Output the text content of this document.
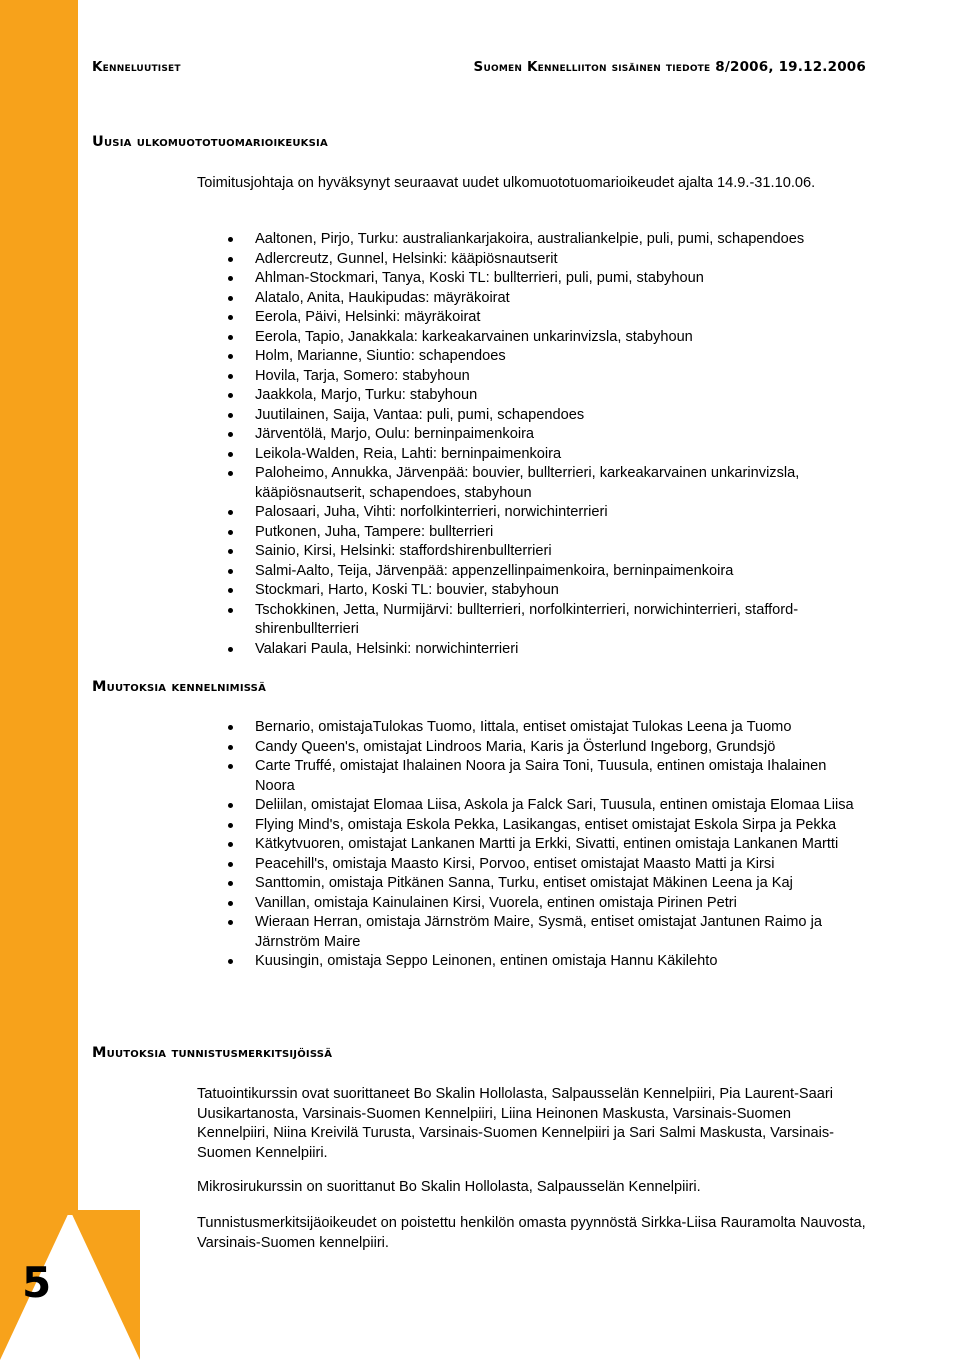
5
Kenneluutiset	Suomen Kennelliiton sisäinen tiedote 8/2006, 19.12.2006
Uusia ulkomuototuomarioikeuksia
Toimitusjohtaja on hyväksynyt seuraavat uudet ulkomuototuomarioikeudet ajalta 14.9.-31.10.06.
Aaltonen, Pirjo, Turku: australiankarjakoira, australiankelpie, puli, pumi, schapendoes
Adlercreutz, Gunnel, Helsinki: kääpiösnautserit
Ahlman-Stockmari, Tanya, Koski TL: bullterrieri, puli, pumi, stabyhoun
Alatalo, Anita, Haukipudas: mäyräkoirat
Eerola, Päivi, Helsinki: mäyräkoirat
Eerola, Tapio, Janakkala: karkeakarvainen unkarinvizsla, stabyhoun
Holm, Marianne, Siuntio: schapendoes
Hovila, Tarja, Somero: stabyhoun
Jaakkola, Marjo, Turku: stabyhoun
Juutilainen, Saija, Vantaa: puli, pumi, schapendoes
Järventölä, Marjo, Oulu: berninpaimenkoira
Leikola-Walden, Reia, Lahti: berninpaimenkoira
Paloheimo, Annukka, Järvenpää: bouvier, bullterrieri, karkeakarvainen unkarinvizsla, kääpiösnautserit, schapendoes, stabyhoun
Palosaari, Juha, Vihti: norfolkinterrieri, norwichinterrieri
Putkonen, Juha, Tampere: bullterrieri
Sainio, Kirsi, Helsinki: staffordshirenbullterrieri
Salmi-Aalto, Teija, Järvenpää: appenzellinpaimenkoira, berninpaimenkoira
Stockmari, Harto, Koski TL: bouvier, stabyhoun
Tschokkinen, Jetta, Nurmijärvi: bullterrieri, norfolkinterrieri, norwichinterrieri, stafford-shirenbullterrieri
Valakari Paula, Helsinki: norwichinterrieri
Muutoksia kennelnimissä
Bernario, omistajaTulokas Tuomo, Iittala, entiset omistajat Tulokas Leena ja Tuomo
Candy Queen's, omistajat Lindroos Maria, Karis ja Österlund Ingeborg, Grundsjö
Carte Truffé, omistajat Ihalainen Noora ja Saira Toni, Tuusula, entinen omistaja Ihalainen Noora
Deliilan, omistajat Elomaa Liisa, Askola ja Falck Sari, Tuusula, entinen omistaja Elomaa Liisa
Flying Mind's, omistaja Eskola Pekka, Lasikangas, entiset omistajat Eskola Sirpa ja Pekka
Kätkytvuoren, omistajat Lankanen Martti ja Erkki, Sivatti, entinen omistaja Lankanen Martti
Peacehill's, omistaja Maasto Kirsi, Porvoo, entiset omistajat Maasto Matti ja Kirsi
Santtomin, omistaja Pitkänen Sanna, Turku, entiset omistajat Mäkinen Leena ja Kaj
Vanillan, omistaja Kainulainen Kirsi, Vuorela, entinen omistaja Pirinen Petri
Wieraan Herran, omistaja Järnström Maire, Sysmä, entiset omistajat Jantunen Raimo ja Järnström Maire
Kuusingin, omistaja Seppo Leinonen, entinen omistaja Hannu Käkilehto
Muutoksia tunnistusmerkitsijöissä
Tatuointikurssin ovat suorittaneet Bo Skalin Hollolasta, Salpausselän Kennelpiiri, Pia Laurent-Saari Uusikartanosta, Varsinais-Suomen Kennelpiiri, Liina Heinonen Maskusta, Varsinais-Suomen Kennelpiiri, Niina Kreivilä Turusta, Varsinais-Suomen Kennelpiiri ja Sari Salmi Maskusta, Varsinais-Suomen Kennelpiiri.
Mikrosirukurssin on suorittanut Bo Skalin Hollolasta, Salpausselän Kennelpiiri.
Tunnistusmerkitsijäoikeudet on poistettu henkilön omasta pyynnöstä Sirkka-Liisa Rauramolta Nauvosta, Varsinais-Suomen kennelpiiri.
